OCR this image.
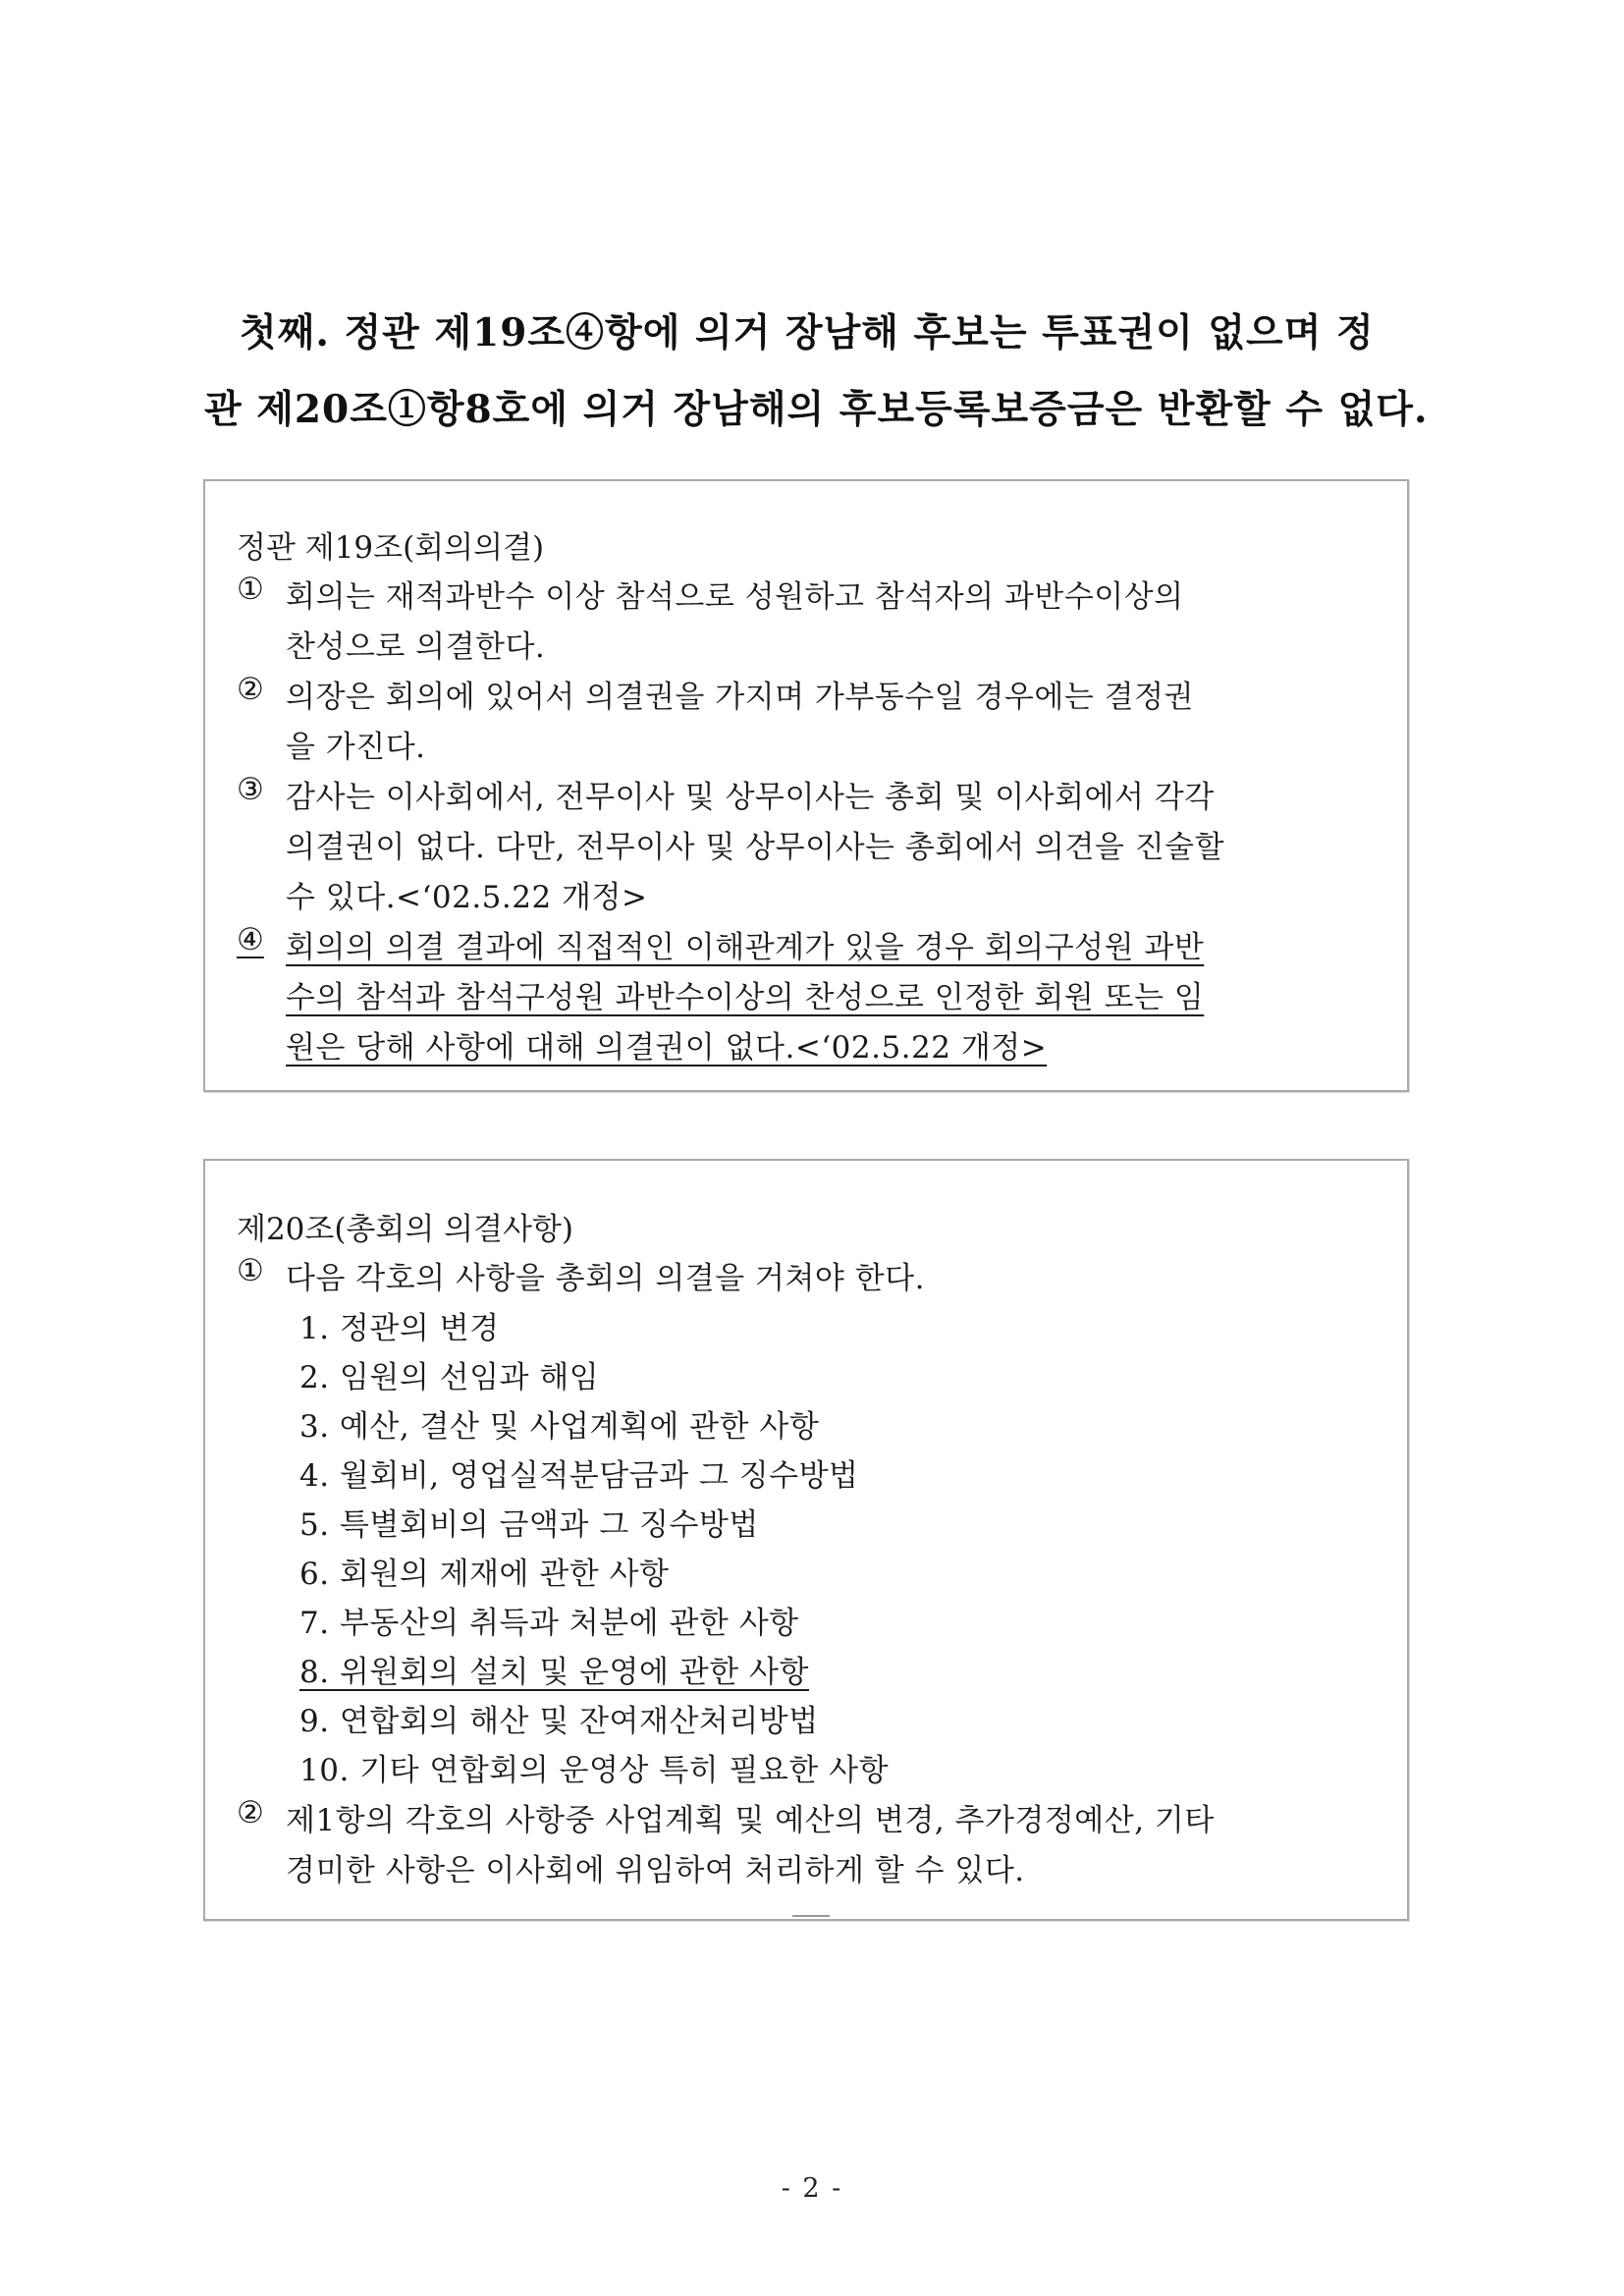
첫째. 정관 제19조④항에 의거 장남해 후보는 투표권이 없으며 정
관 제20조①항8호에 의거 장남해의 후보등록보증금은 반환할 수 없다.

정관 제19조(회의의결)
① 회의는 재적과반수 이상 참석으로 성원하고 참석자의 과반수이상의
찬성으로 의결한다.
② 의장은 회의에 있어서 의결권을 가지며 가부동수일 경우에는 결정권
을 가진다.
③ 감사는 이사회에서, 전무이사 및 상무이사는 총회 및 이사회에서 각각
의결권이 없다. 다만, 전무이사 및 상무이사는 총회에서 의견을 진술할
수 있다.<‘02.5.22 개정>
④ 회의의 의결 결과에 직접적인 이해관계가 있을 경우 회의구성원 과반
수의 참석과 참석구성원 과반수이상의 찬성으로 인정한 회원 또는 임
원은 당해 사항에 대해 의결권이 없다.<‘02.5.22 개정>
제20조(총회의 의결사항)
① 다음 각호의 사항을 총회의 의결을 거쳐야 한다.
1. 정관의 변경
2. 임원의 선임과 해임
3. 예산, 결산 및 사업계획에 관한 사항
4. 월회비, 영업실적분담금과 그 징수방법
5. 특별회비의 금액과 그 징수방법
6. 회원의 제재에 관한 사항
7. 부동산의 취득과 처분에 관한 사항
8. 위원회의 설치 및 운영에 관한 사항
9. 연합회의 해산 및 잔여재산처리방법
10. 기타 연합회의 운영상 특히 필요한 사항
② 제1항의 각호의 사항중 사업계획 및 예산의 변경, 추가경정예산, 기타
경미한 사항은 이사회에 위임하여 처리하게 할 수 있다.
- 2 -
